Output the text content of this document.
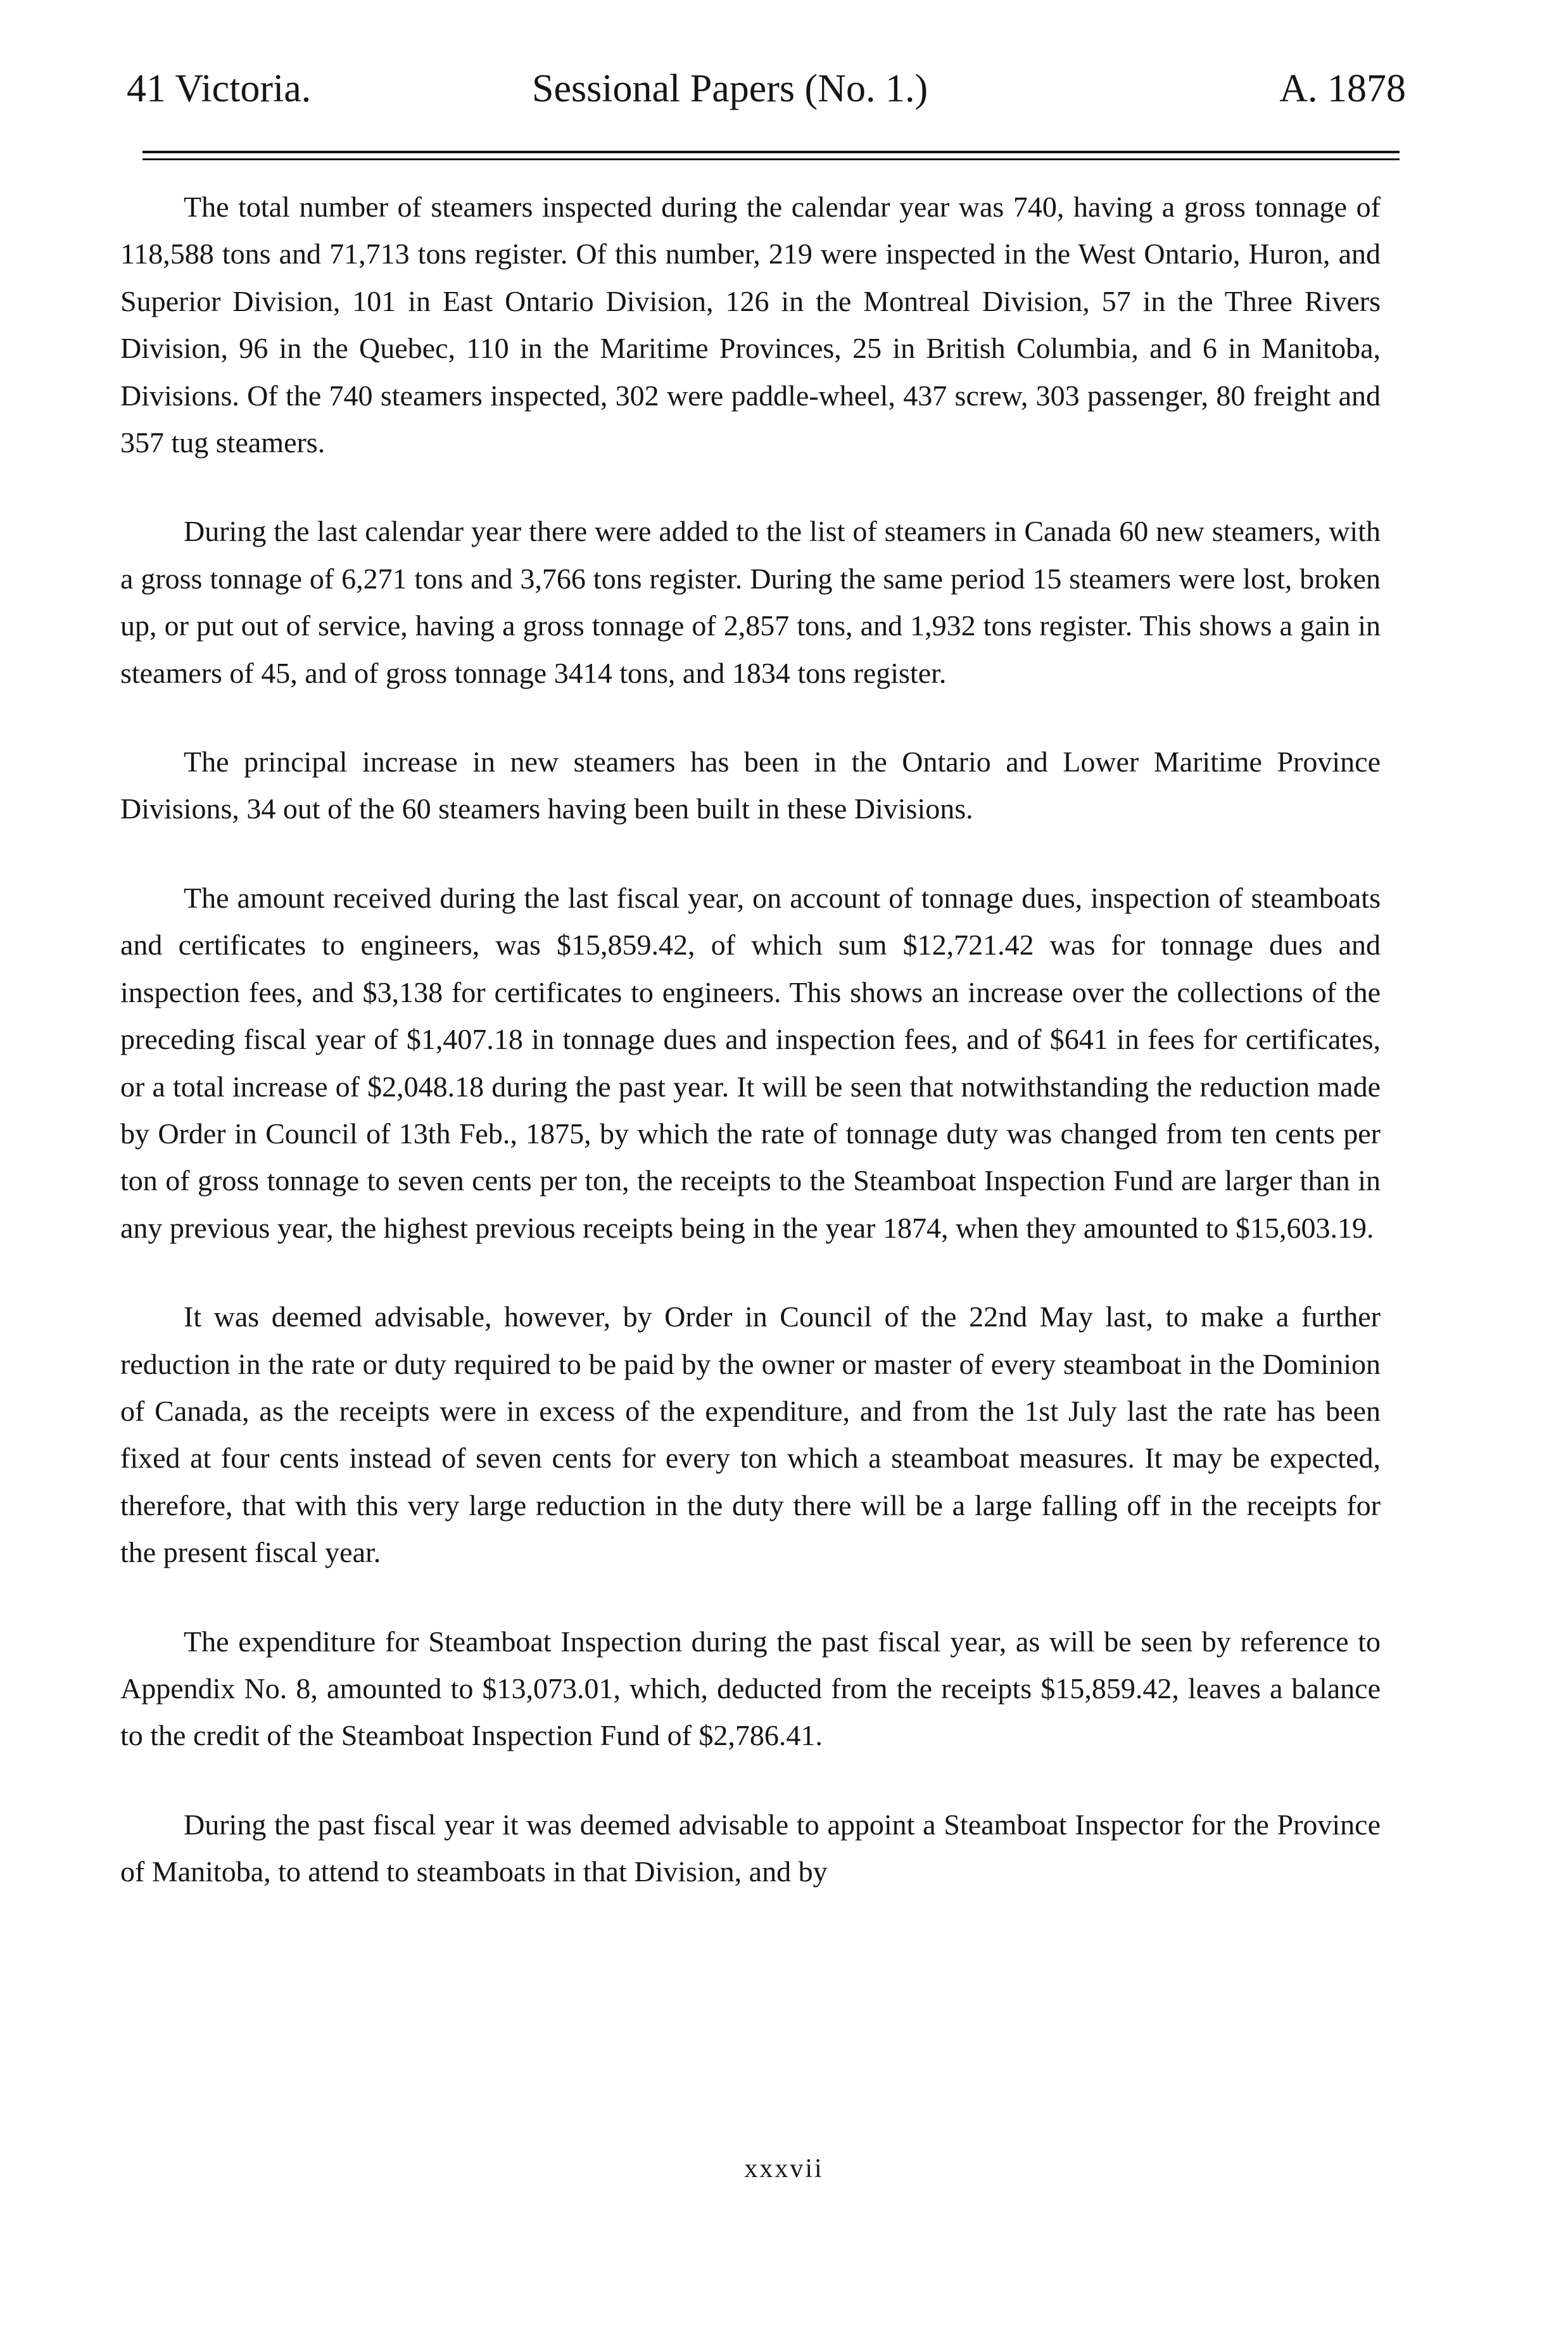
41 Victoria.	Sessional Papers (No. 1.)	A. 1878

The total number of steamers inspected during the calendar year was 740, having a gross tonnage of 118,588 tons and 71,713 tons register. Of this number, 219 were inspected in the West Ontario, Huron, and Superior Division, 101 in East Ontario Division, 126 in the Montreal Division, 57 in the Three Rivers Division, 96 in the Quebec, 110 in the Maritime Provinces, 25 in British Columbia, and 6 in Manitoba, Divisions. Of the 740 steamers inspected, 302 were paddle-wheel, 437 screw, 303 passenger, 80 freight and 357 tug steamers.

During the last calendar year there were added to the list of steamers in Canada 60 new steamers, with a gross tonnage of 6,271 tons and 3,766 tons register. During the same period 15 steamers were lost, broken up, or put out of service, having a gross tonnage of 2,857 tons, and 1,932 tons register. This shows a gain in steamers of 45, and of gross tonnage 3414 tons, and 1834 tons register.

The principal increase in new steamers has been in the Ontario and Lower Maritime Province Divisions, 34 out of the 60 steamers having been built in these Divisions.

The amount received during the last fiscal year, on account of tonnage dues, inspection of steamboats and certificates to engineers, was $15,859.42, of which sum $12,721.42 was for tonnage dues and inspection fees, and $3,138 for certificates to engineers. This shows an increase over the collections of the preceding fiscal year of $1,407.18 in tonnage dues and inspection fees, and of $641 in fees for certificates, or a total increase of $2,048.18 during the past year. It will be seen that notwithstanding the reduction made by Order in Council of 13th Feb., 1875, by which the rate of tonnage duty was changed from ten cents per ton of gross tonnage to seven cents per ton, the receipts to the Steamboat Inspection Fund are larger than in any previous year, the highest previous receipts being in the year 1874, when they amounted to $15,603.19.

It was deemed advisable, however, by Order in Council of the 22nd May last, to make a further reduction in the rate or duty required to be paid by the owner or master of every steamboat in the Dominion of Canada, as the receipts were in excess of the expenditure, and from the 1st July last the rate has been fixed at four cents instead of seven cents for every ton which a steamboat measures. It may be expected, therefore, that with this very large reduction in the duty there will be a large falling off in the receipts for the present fiscal year.

The expenditure for Steamboat Inspection during the past fiscal year, as will be seen by reference to Appendix No. 8, amounted to $13,073.01, which, deducted from the receipts $15,859.42, leaves a balance to the credit of the Steamboat Inspection Fund of $2,786.41.

During the past fiscal year it was deemed advisable to appoint a Steamboat Inspector for the Province of Manitoba, to attend to steamboats in that Division, and by

xxxvii
